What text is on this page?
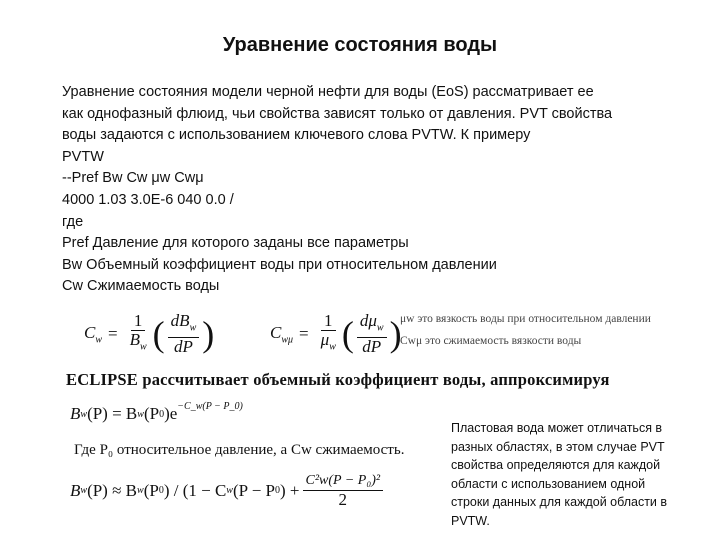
Уравнение состояния воды
Уравнение состояния модели черной нефти для воды (EoS) рассматривает ее
как однофазный флюид, чьи свойства зависят только от давления. PVT свойства
воды задаются с использованием ключевого слова PVTW. К примеру
PVTW
--Pref Bw Cw μw Cwμ
4000 1.03 3.0E-6 040 0.0 /
где
Pref Давление для которого заданы все параметры
Bw Объемный коэффициент воды при относительном давлении
Cw Сжимаемость воды
$C_w = \frac{1}{B_w}$ ( $\frac{dB_w}{dP}$ )	$C_{w\mu} = \frac{1}{\mu_w}$ ( $\frac{d\mu_w}{dP}$ )
μw это вязкость воды при относительном давлении
Cwμ это сжимаемость вязкости воды
ECLIPSE рассчитывает объемный коэффициент воды, аппроксимируя
B w (P) = B w (P 0 )$e^{-C\_w(P - P\_0)}$
Где P₀ относительное давление, а Cw сжимаемость.
B w (P) ≈ B w (P 0 ) / (1 − C w (P − P 0 ) + $\frac{\text{C²w(P − P₀)²}}{2}$
Пластовая вода может отличаться в
разных областях, в этом случае PVT
свойства определяются для каждой
области с использованием одной
строки данных для каждой области в
PVTW.
